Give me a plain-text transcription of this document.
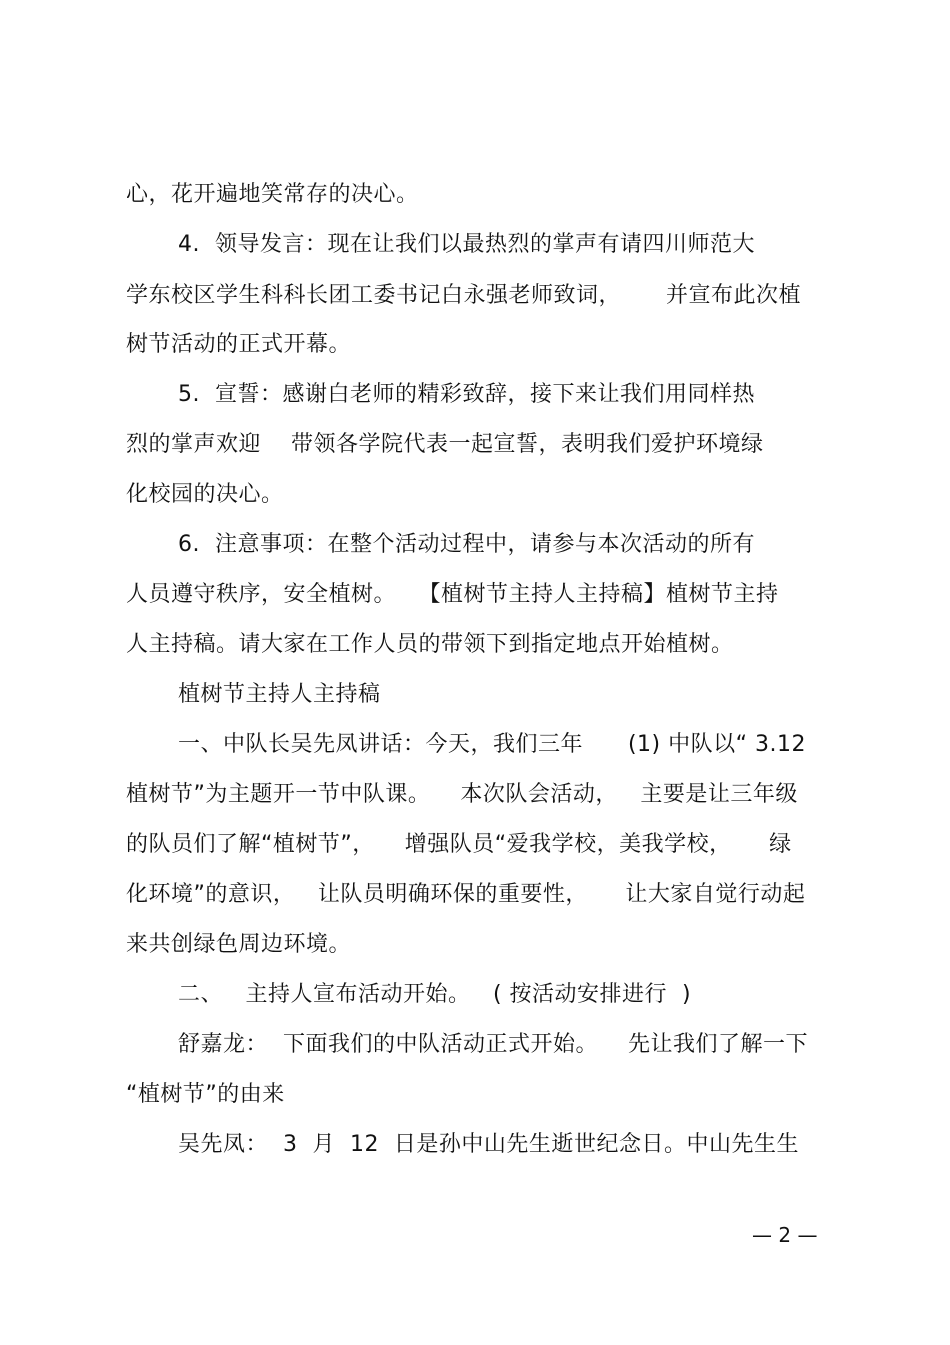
心，花开遍地笑常存的决心。
4.  领导发言：现在让我们以最热烈的掌声有请四川师范大
学东校区学生科科长团工委书记白永强老师致词，      并宣布此次植
树节活动的正式开幕。
5.  宣誓：感谢白老师的精彩致辞，接下来让我们用同样热
烈的掌声欢迎    带领各学院代表一起宣誓，表明我们爱护环境绿
化校园的决心。
6.  注意事项：在整个活动过程中，请参与本次活动的所有
人员遵守秩序，安全植树。   【植树节主持人主持稿】植树节主持
人主持稿。请大家在工作人员的带领下到指定地点开始植树。
植树节主持人主持稿
一、中队长吴先凤讲话：今天，我们三年      (1) 中队以“ 3.12
植树节”为主题开一节中队课。    本次队会活动，   主要是让三年级
的队员们了解“植树节”，    增强队员“爱我学校，美我学校，     绿
化环境”的意识，   让队员明确环保的重要性，     让大家自觉行动起
来共创绿色周边环境。
二、   主持人宣布活动开始。   ( 按活动安排进行  )
舒嘉龙：  下面我们的中队活动正式开始。    先让我们了解一下
“植树节”的由来
吴先凤：  3  月  12  日是孙中山先生逝世纪念日。中山先生生
— 2 —
